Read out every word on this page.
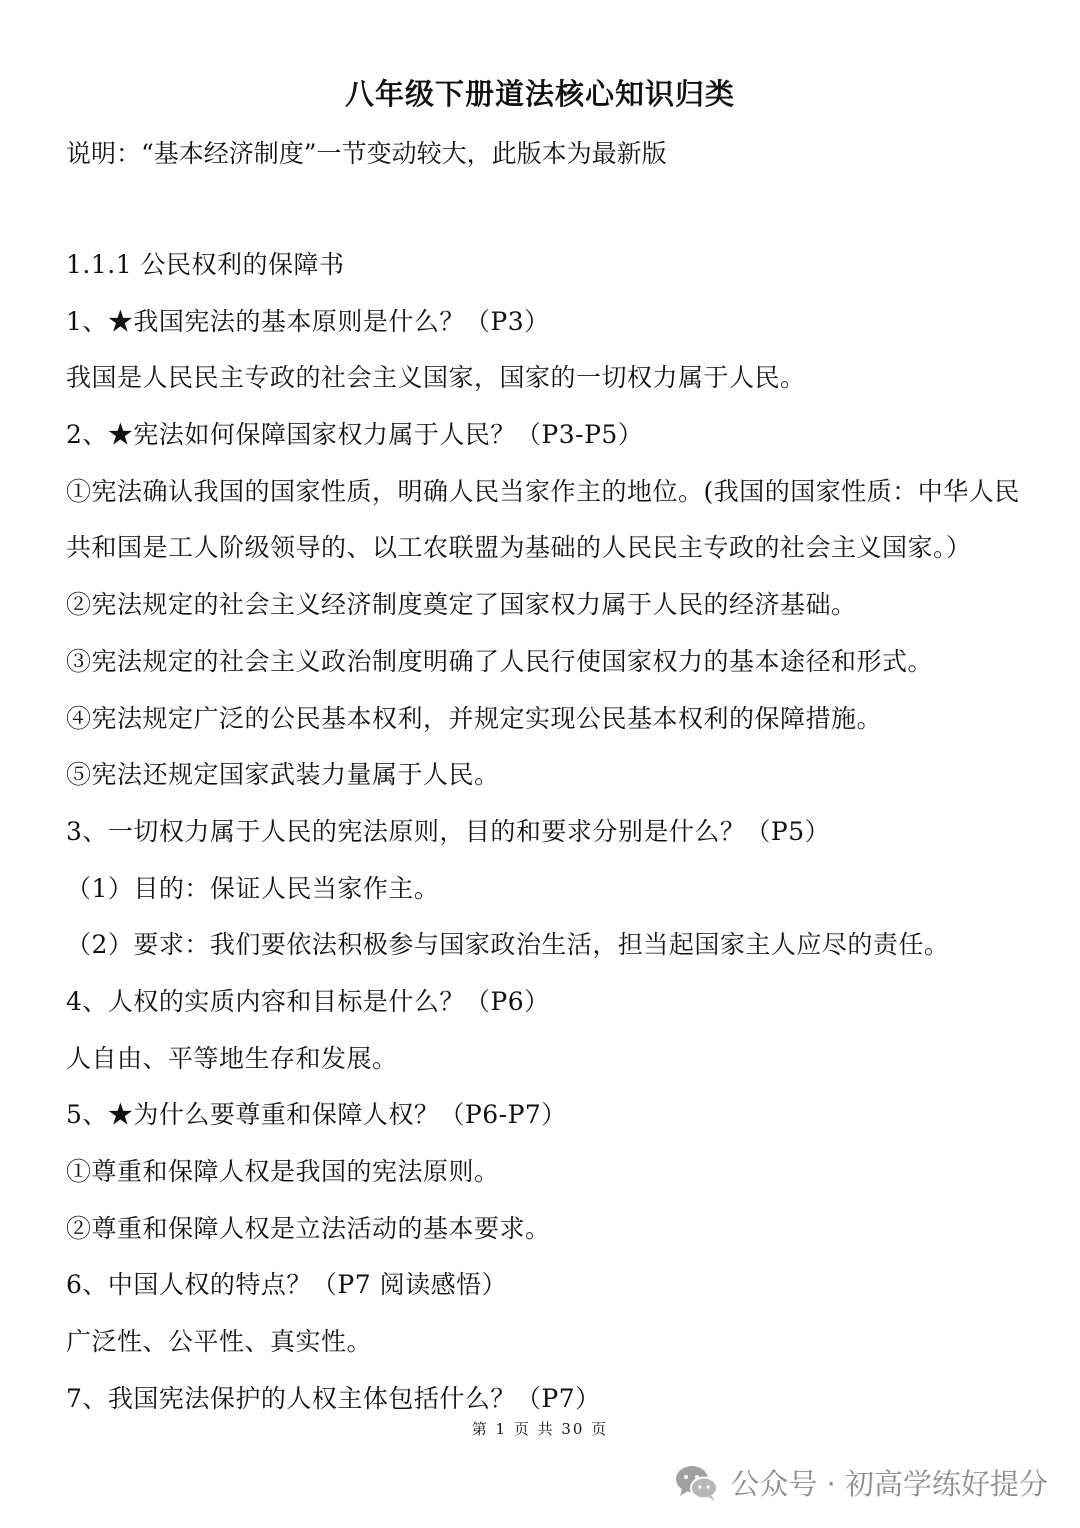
八年级下册道法核心知识归类
说明：“基本经济制度”一节变动较大，此版本为最新版
1.1.1 公民权利的保障书
1、★我国宪法的基本原则是什么？（P3）
我国是人民民主专政的社会主义国家，国家的一切权力属于人民。
2、★宪法如何保障国家权力属于人民？（P3-P5）
①宪法确认我国的国家性质，明确人民当家作主的地位。(我国的国家性质：中华人民
共和国是工人阶级领导的、以工农联盟为基础的人民民主专政的社会主义国家。）
②宪法规定的社会主义经济制度奠定了国家权力属于人民的经济基础。
③宪法规定的社会主义政治制度明确了人民行使国家权力的基本途径和形式。
④宪法规定广泛的公民基本权利，并规定实现公民基本权利的保障措施。
⑤宪法还规定国家武装力量属于人民。
3、一切权力属于人民的宪法原则，目的和要求分别是什么？（P5）
（1）目的：保证人民当家作主。
（2）要求：我们要依法积极参与国家政治生活，担当起国家主人应尽的责任。
4、人权的实质内容和目标是什么？（P6）
人自由、平等地生存和发展。
5、★为什么要尊重和保障人权？（P6-P7）
①尊重和保障人权是我国的宪法原则。
②尊重和保障人权是立法活动的基本要求。
6、中国人权的特点？（P7 阅读感悟）
广泛性、公平性、真实性。
7、我国宪法保护的人权主体包括什么？（P7）
第 1 页 共 30 页
公众号 · 初高学练好提分
